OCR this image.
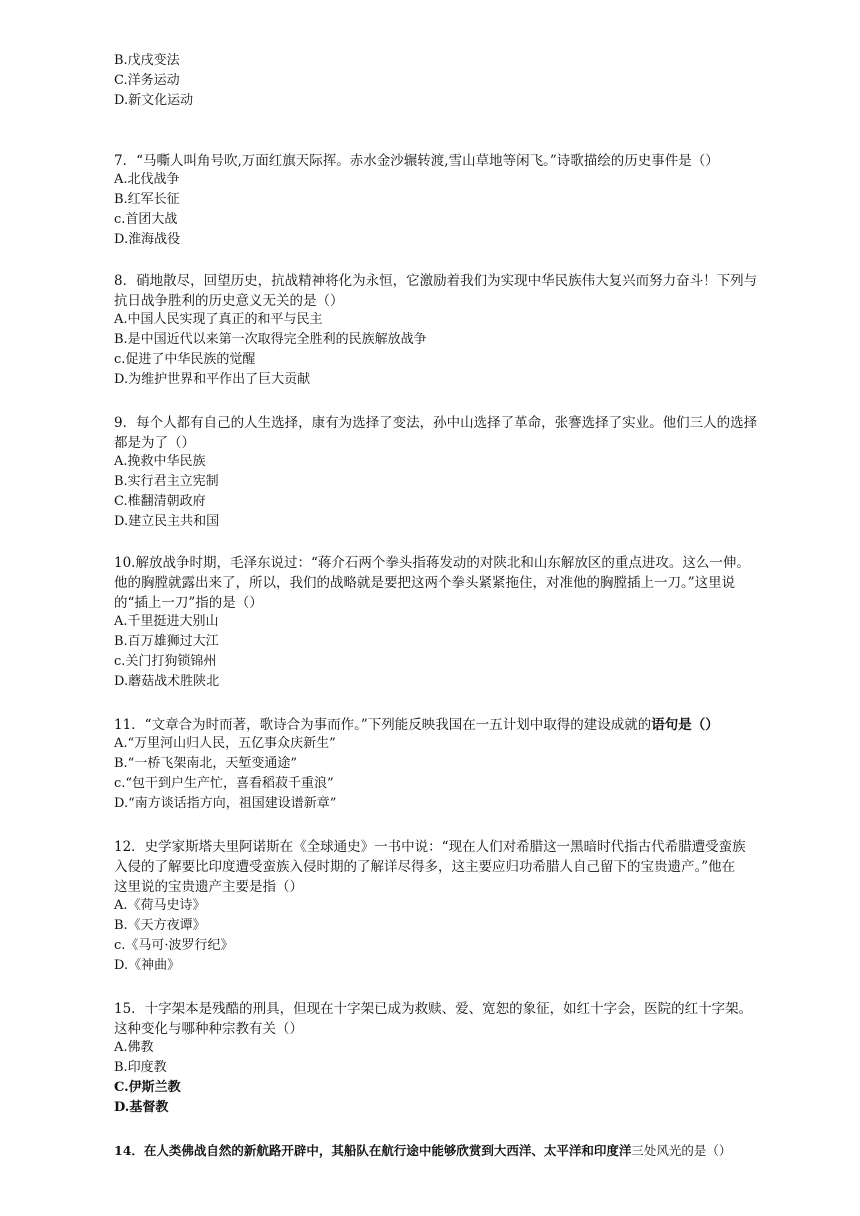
B.戊戌变法
C.洋务运动
D.新文化运动
7．“马嘶人叫角号吹,万面红旗天际挥。赤水金沙辗转渡,雪山草地等闲飞。”诗歌描绘的历史事件是（）
A.北伐战争
B.红军长征
c.首团大战
D.淮海战役
8．硝地散尽，回望历史，抗战精神将化为永恒，它激励着我们为实现中华民族伟大复兴而努力奋斗！下列与
抗日战争胜利的历史意义无关的是（）
A.中国人民实现了真正的和平与民主
B.是中国近代以来第一次取得完全胜利的民族解放战争
c.促进了中华民族的觉醒
D.为维护世界和平作出了巨大贡献
9．每个人都有自己的人生选择，康有为选择了变法，孙中山选择了革命，张謇选择了实业。他们三人的选择
都是为了（）
A.挽救中华民族
B.实行君主立宪制
C.椎翻清朝政府
D.建立民主共和国
10.解放战争时期，毛泽东说过：“蒋介石两个拳头指蒋发动的对陕北和山东解放区的重点进攻。这么一伸。
他的胸膛就露出来了，所以，我们的战略就是要把这两个拳头紧紧拖住，对准他的胸膛插上一刀。”这里说
的“插上一刀”指的是（）
A.千里挺进大别山
B.百万雄狮过大江
c.关门打狗锁锦州
D.蘑菇战术胜陕北
11．“文章合为时而著，歌诗合为事而作。”下列能反映我国在一五计划中取得的建设成就的语句是（）
A.“万里河山归人民，五亿事众庆新生”
B.“一桥飞架南北，天堑变通途”
c.“包干到户生产忙，喜看稻菽千重浪”
D.“南方谈话指方向，祖国建设谱新章”
12．史学家斯塔夫里阿诺斯在《全球通史》一书中说：“现在人们对希腊这一黑暗时代指古代希腊遭受蛮族
入侵的了解要比印度遭受蛮族入侵时期的了解详尽得多，这主要应归功希腊人自己留下的宝贵遗产。”他在
这里说的宝贵遗产主要是指（）
A.《荷马史诗》
B.《天方夜谭》
c.《马可·波罗行纪》
D.《神曲》
15．十字架本是残酷的刑具，但现在十字架已成为救赎、爱、宽恕的象征，如红十字会，医院的红十字架。
这种变化与哪种种宗教有关（）
A.佛教
B.印度教
C.伊斯兰教
D.基督教
14．在人类佛战自然的新航路开辟中，其船队在航行途中能够欣赏到大西洋、太平洋和印度洋三处风光的是（）
